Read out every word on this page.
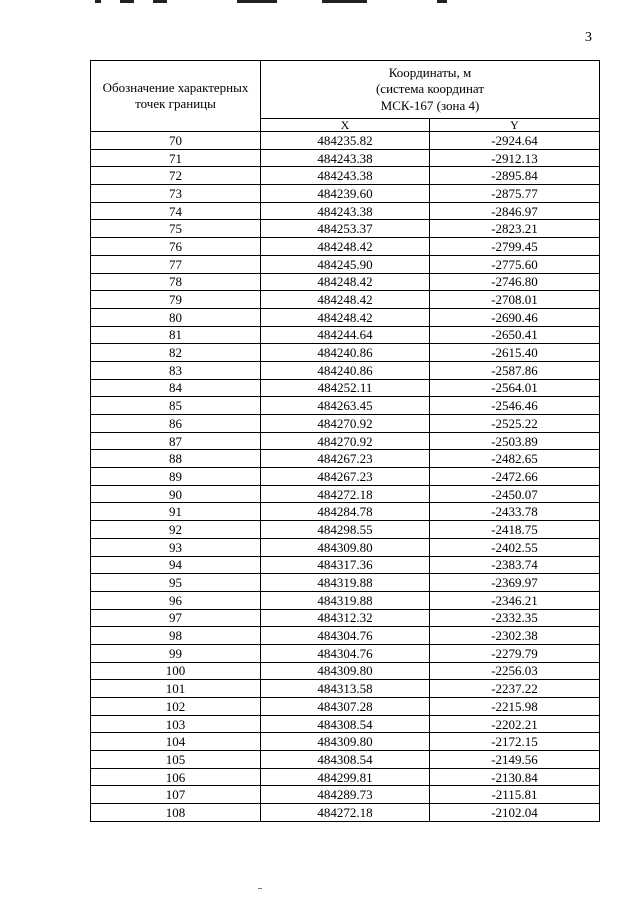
3
Обозначение характерных точек границы	Координаты, м
(система координат
МСК-167 (зона 4)	

	X	Y
70	484235.82	-2924.64
71	484243.38	-2912.13
72	484243.38	-2895.84
73	484239.60	-2875.77
74	484243.38	-2846.97
75	484253.37	-2823.21
76	484248.42	-2799.45
77	484245.90	-2775.60
78	484248.42	-2746.80
79	484248.42	-2708.01
80	484248.42	-2690.46
81	484244.64	-2650.41
82	484240.86	-2615.40
83	484240.86	-2587.86
84	484252.11	-2564.01
85	484263.45	-2546.46
86	484270.92	-2525.22
87	484270.92	-2503.89
88	484267.23	-2482.65
89	484267.23	-2472.66
90	484272.18	-2450.07
91	484284.78	-2433.78
92	484298.55	-2418.75
93	484309.80	-2402.55
94	484317.36	-2383.74
95	484319.88	-2369.97
96	484319.88	-2346.21
97	484312.32	-2332.35
98	484304.76	-2302.38
99	484304.76	-2279.79
100	484309.80	-2256.03
101	484313.58	-2237.22
102	484307.28	-2215.98
103	484308.54	-2202.21
104	484309.80	-2172.15
105	484308.54	-2149.56
106	484299.81	-2130.84
107	484289.73	-2115.81
108	484272.18	-2102.04
